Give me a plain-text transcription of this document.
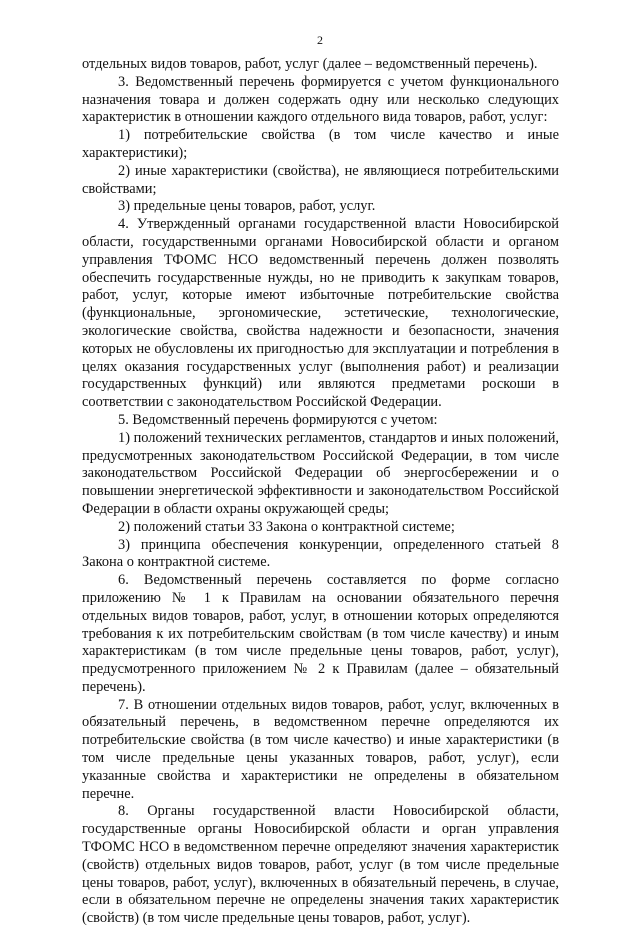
2

отдельных видов товаров, работ, услуг (далее – ведомственный перечень).

3. Ведомственный перечень формируется с учетом функционального назначения товара и должен содержать одну или несколько следующих характеристик в отношении каждого отдельного вида товаров, работ, услуг:

1) потребительские свойства (в том числе качество и иные характеристики);

2) иные характеристики (свойства), не являющиеся потребительскими свойствами;

3) предельные цены товаров, работ, услуг.

4. Утвержденный органами государственной власти Новосибирской области, государственными органами Новосибирской области и органом управления ТФОМС НСО ведомственный перечень должен позволять обеспечить государственные нужды, но не приводить к закупкам товаров, работ, услуг, которые имеют избыточные потребительские свойства (функциональные, эргономические, эстетические, технологические, экологические свойства, свойства надежности и безопасности, значения которых не обусловлены их пригодностью для эксплуатации и потребления в целях оказания государственных услуг (выполнения работ) и реализации государственных функций) или являются предметами роскоши в соответствии с законодательством Российской Федерации.

5. Ведомственный перечень формируются с учетом:

1) положений технических регламентов, стандартов и иных положений, предусмотренных законодательством Российской Федерации, в том числе законодательством Российской Федерации об энергосбережении и о повышении энергетической эффективности и законодательством Российской Федерации в области охраны окружающей среды;

2) положений статьи 33 Закона о контрактной системе;

3) принципа обеспечения конкуренции, определенного статьей 8 Закона о контрактной системе.

6. Ведомственный перечень составляется по форме согласно приложению № 1 к Правилам на основании обязательного перечня отдельных видов товаров, работ, услуг, в отношении которых определяются требования к их потребительским свойствам (в том числе качеству) и иным характеристикам (в том числе предельные цены товаров, работ, услуг), предусмотренного приложением № 2 к Правилам (далее – обязательный перечень).

7. В отношении отдельных видов товаров, работ, услуг, включенных в обязательный перечень, в ведомственном перечне определяются их потребительские свойства (в том числе качество) и иные характеристики (в том числе предельные цены указанных товаров, работ, услуг), если указанные свойства и характеристики не определены в обязательном перечне.

8. Органы государственной власти Новосибирской области, государственные органы Новосибирской области и орган управления ТФОМС НСО в ведомственном перечне определяют значения характеристик (свойств) отдельных видов товаров, работ, услуг (в том числе предельные цены товаров, работ, услуг), включенных в обязательный перечень, в случае, если в обязательном перечне не определены значения таких характеристик (свойств) (в том числе предельные цены товаров, работ, услуг).
